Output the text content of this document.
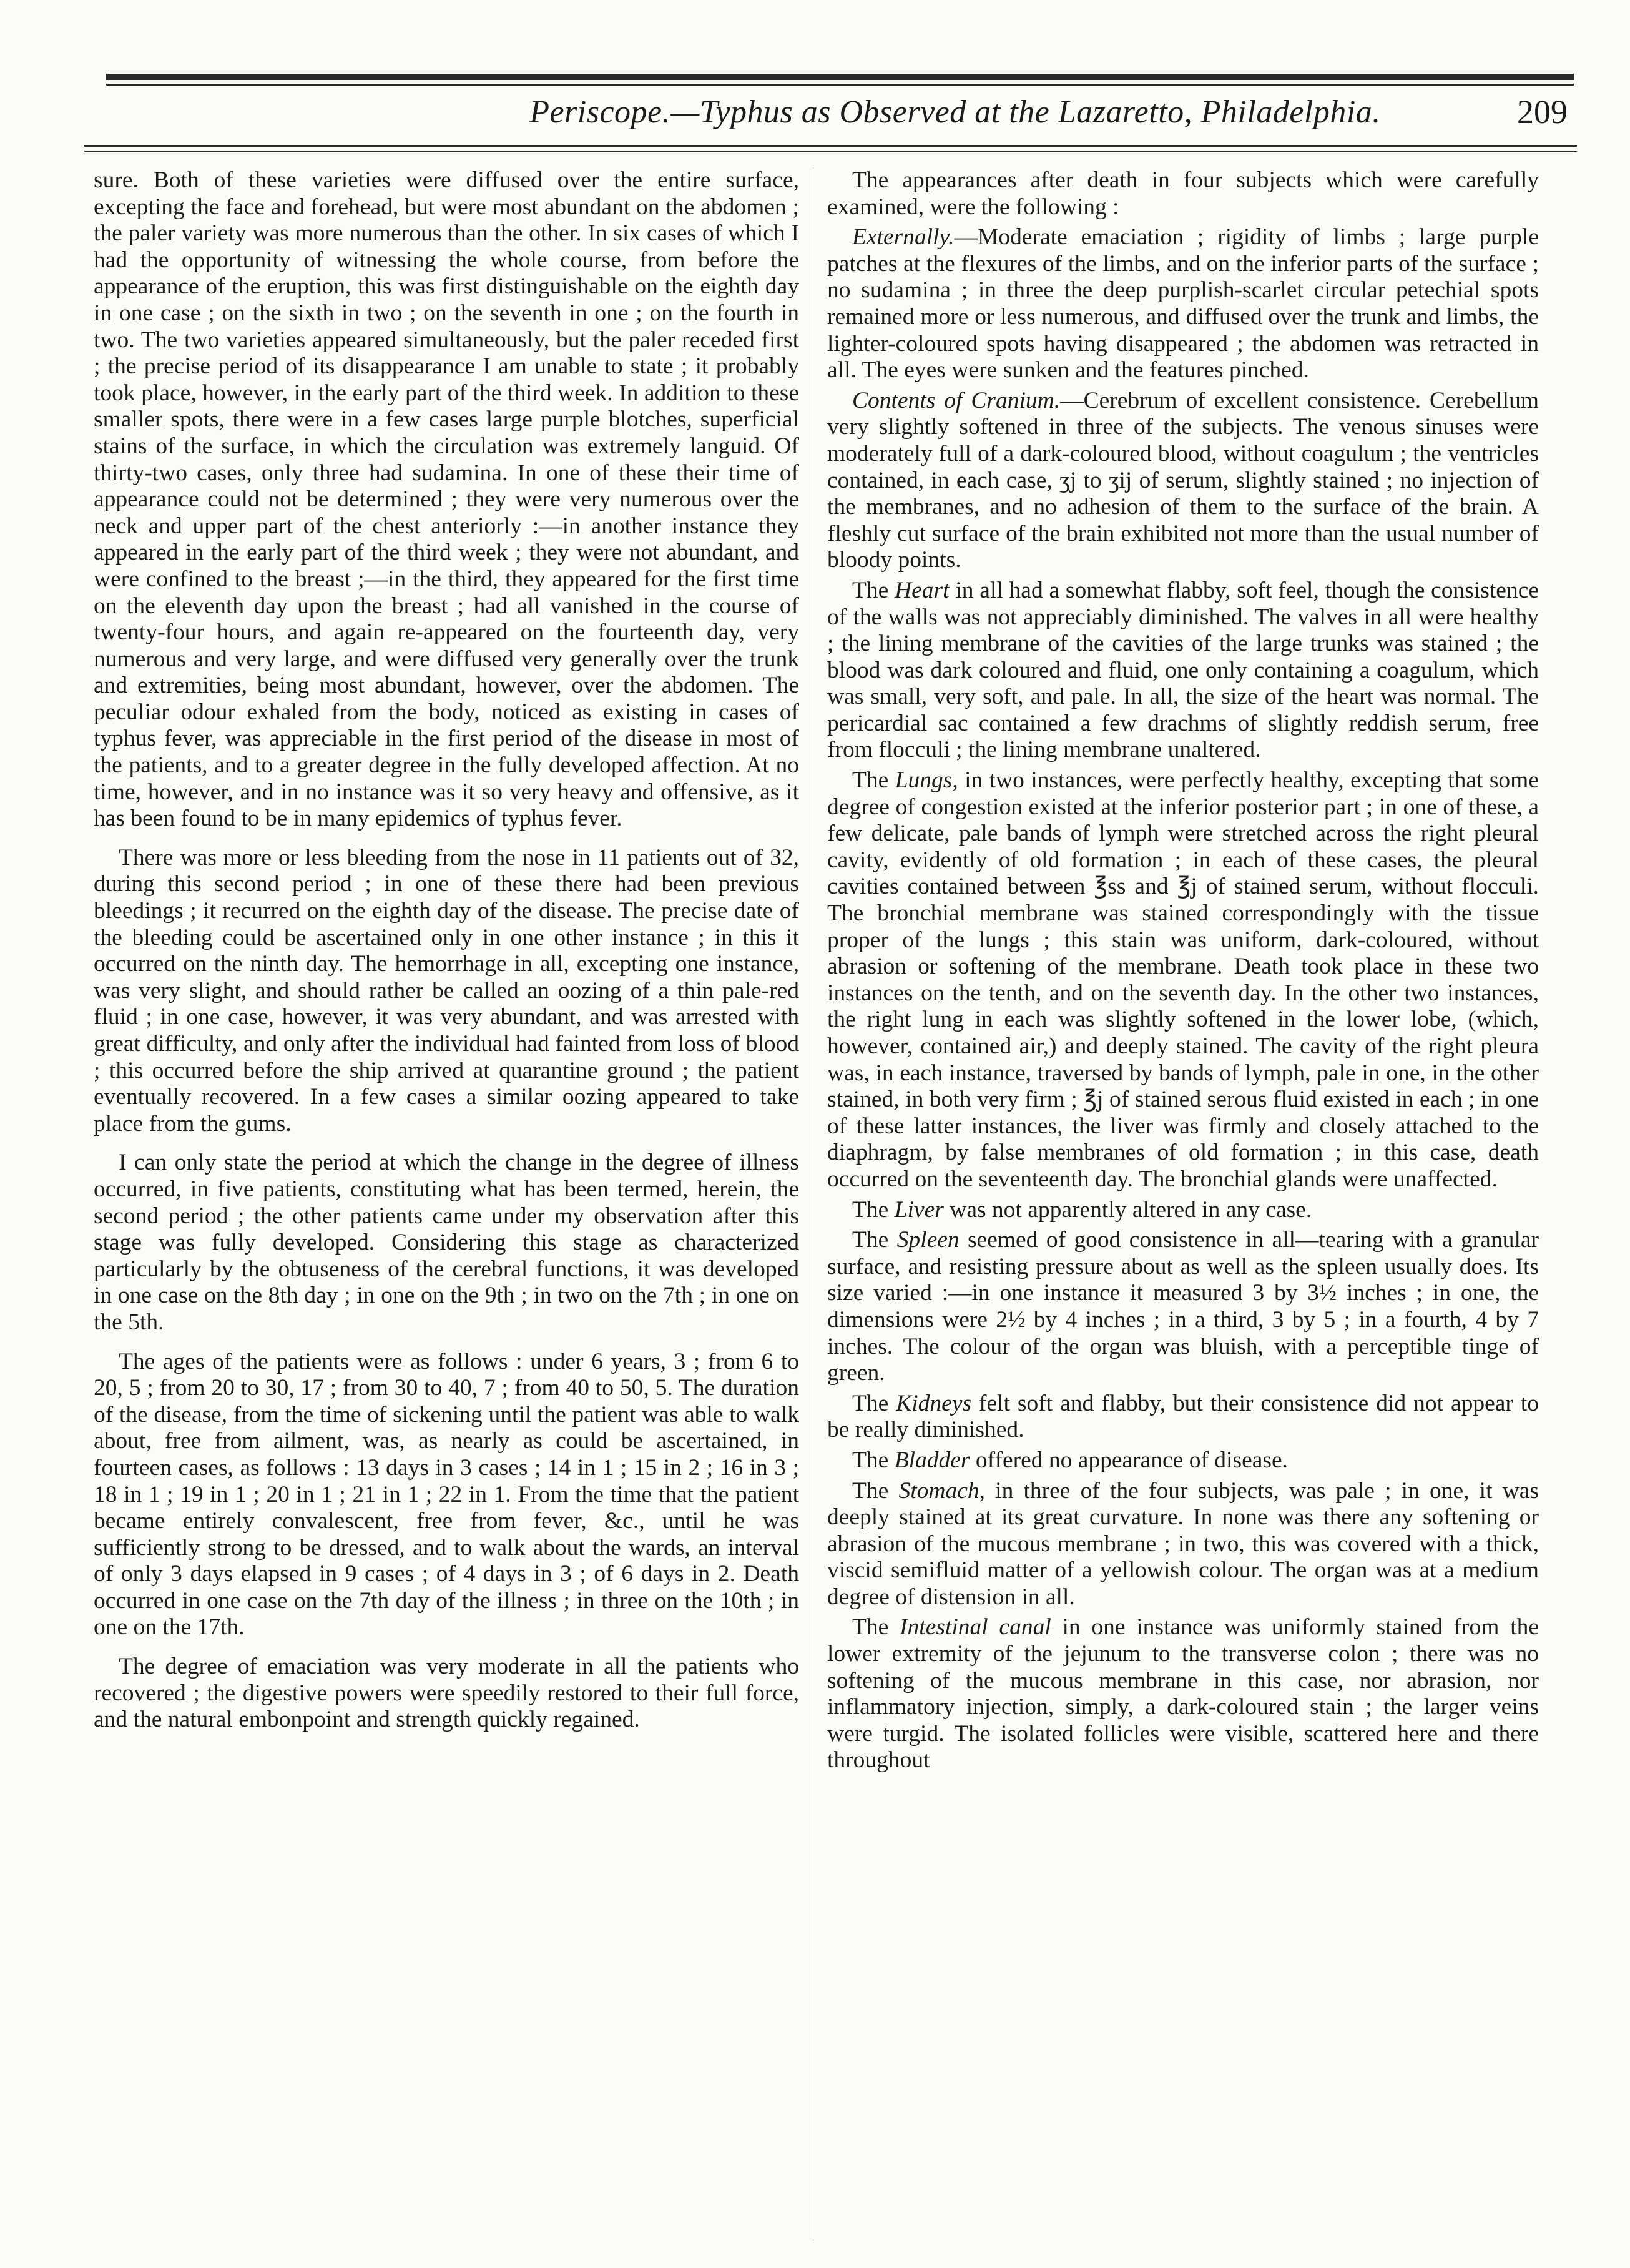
Periscope.—Typhus as Observed at the Lazaretto, Philadelphia.	209

sure. Both of these varieties were diffused over the entire surface, excepting the face and forehead, but were most abundant on the abdomen ; the paler variety was more numerous than the other. In six cases of which I had the opportunity of witnessing the whole course, from before the appearance of the eruption, this was first distinguishable on the eighth day in one case ; on the sixth in two ; on the seventh in one ; on the fourth in two. The two varieties appeared simultaneously, but the paler receded first ; the precise period of its disappearance I am unable to state ; it probably took place, however, in the early part of the third week. In addition to these smaller spots, there were in a few cases large purple blotches, superficial stains of the surface, in which the circulation was extremely languid. Of thirty-two cases, only three had sudamina. In one of these their time of appearance could not be determined ; they were very numerous over the neck and upper part of the chest anteriorly :—in another instance they appeared in the early part of the third week ; they were not abundant, and were confined to the breast ;—in the third, they appeared for the first time on the eleventh day upon the breast ; had all vanished in the course of twenty-four hours, and again re-appeared on the fourteenth day, very numerous and very large, and were diffused very generally over the trunk and extremities, being most abundant, however, over the abdomen. The peculiar odour exhaled from the body, noticed as existing in cases of typhus fever, was appreciable in the first period of the disease in most of the patients, and to a greater degree in the fully developed affection. At no time, however, and in no instance was it so very heavy and offensive, as it has been found to be in many epidemics of typhus fever.

There was more or less bleeding from the nose in 11 patients out of 32, during this second period ; in one of these there had been previous bleedings ; it recurred on the eighth day of the disease. The precise date of the bleeding could be ascertained only in one other instance ; in this it occurred on the ninth day. The hemorrhage in all, excepting one instance, was very slight, and should rather be called an oozing of a thin pale-red fluid ; in one case, however, it was very abundant, and was arrested with great difficulty, and only after the individual had fainted from loss of blood ; this occurred before the ship arrived at quarantine ground ; the patient eventually recovered. In a few cases a similar oozing appeared to take place from the gums.

I can only state the period at which the change in the degree of illness occurred, in five patients, constituting what has been termed, herein, the second period ; the other patients came under my observation after this stage was fully developed. Considering this stage as characterized particularly by the obtuseness of the cerebral functions, it was developed in one case on the 8th day ; in one on the 9th ; in two on the 7th ; in one on the 5th.

The ages of the patients were as follows : under 6 years, 3 ; from 6 to 20, 5 ; from 20 to 30, 17 ; from 30 to 40, 7 ; from 40 to 50, 5. The duration of the disease, from the time of sickening until the patient was able to walk about, free from ailment, was, as nearly as could be ascertained, in fourteen cases, as follows : 13 days in 3 cases ; 14 in 1 ; 15 in 2 ; 16 in 3 ; 18 in 1 ; 19 in 1 ; 20 in 1 ; 21 in 1 ; 22 in 1. From the time that the patient became entirely convalescent, free from fever, &c., until he was sufficiently strong to be dressed, and to walk about the wards, an interval of only 3 days elapsed in 9 cases ; of 4 days in 3 ; of 6 days in 2. Death occurred in one case on the 7th day of the illness ; in three on the 10th ; in one on the 17th.

The degree of emaciation was very moderate in all the patients who recovered ; the digestive powers were speedily restored to their full force, and the natural embonpoint and strength quickly regained.

The appearances after death in four subjects which were carefully examined, were the following :

Externally.—Moderate emaciation ; rigidity of limbs ; large purple patches at the flexures of the limbs, and on the inferior parts of the surface ; no sudamina ; in three the deep purplish-scarlet circular petechial spots remained more or less numerous, and diffused over the trunk and limbs, the lighter-coloured spots having disappeared ; the abdomen was retracted in all. The eyes were sunken and the features pinched.

Contents of Cranium.—Cerebrum of excellent consistence. Cerebellum very slightly softened in three of the subjects. The venous sinuses were moderately full of a dark-coloured blood, without coagulum ; the ventricles contained, in each case, ʒj to ʒij of serum, slightly stained ; no injection of the membranes, and no adhesion of them to the surface of the brain. A fleshly cut surface of the brain exhibited not more than the usual number of bloody points.

The Heart in all had a somewhat flabby, soft feel, though the consistence of the walls was not appreciably diminished. The valves in all were healthy ; the lining membrane of the cavities of the large trunks was stained ; the blood was dark coloured and fluid, one only containing a coagulum, which was small, very soft, and pale. In all, the size of the heart was normal. The pericardial sac contained a few drachms of slightly reddish serum, free from flocculi ; the lining membrane unaltered.

The Lungs, in two instances, were perfectly healthy, excepting that some degree of congestion existed at the inferior posterior part ; in one of these, a few delicate, pale bands of lymph were stretched across the right pleural cavity, evidently of old formation ; in each of these cases, the pleural cavities contained between ℥ss and ℥j of stained serum, without flocculi. The bronchial membrane was stained correspondingly with the tissue proper of the lungs ; this stain was uniform, dark-coloured, without abrasion or softening of the membrane. Death took place in these two instances on the tenth, and on the seventh day. In the other two instances, the right lung in each was slightly softened in the lower lobe, (which, however, contained air,) and deeply stained. The cavity of the right pleura was, in each instance, traversed by bands of lymph, pale in one, in the other stained, in both very firm ; ℥j of stained serous fluid existed in each ; in one of these latter instances, the liver was firmly and closely attached to the diaphragm, by false membranes of old formation ; in this case, death occurred on the seventeenth day. The bronchial glands were unaffected.

The Liver was not apparently altered in any case.

The Spleen seemed of good consistence in all—tearing with a granular surface, and resisting pressure about as well as the spleen usually does. Its size varied :—in one instance it measured 3 by 3½ inches ; in one, the dimensions were 2½ by 4 inches ; in a third, 3 by 5 ; in a fourth, 4 by 7 inches. The colour of the organ was bluish, with a perceptible tinge of green.

The Kidneys felt soft and flabby, but their consistence did not appear to be really diminished.

The Bladder offered no appearance of disease.

The Stomach, in three of the four subjects, was pale ; in one, it was deeply stained at its great curvature. In none was there any softening or abrasion of the mucous membrane ; in two, this was covered with a thick, viscid semifluid matter of a yellowish colour. The organ was at a medium degree of distension in all.

The Intestinal canal in one instance was uniformly stained from the lower extremity of the jejunum to the transverse colon ; there was no softening of the mucous membrane in this case, nor abrasion, nor inflammatory injection, simply, a dark-coloured stain ; the larger veins were turgid. The isolated follicles were visible, scattered here and there throughout
